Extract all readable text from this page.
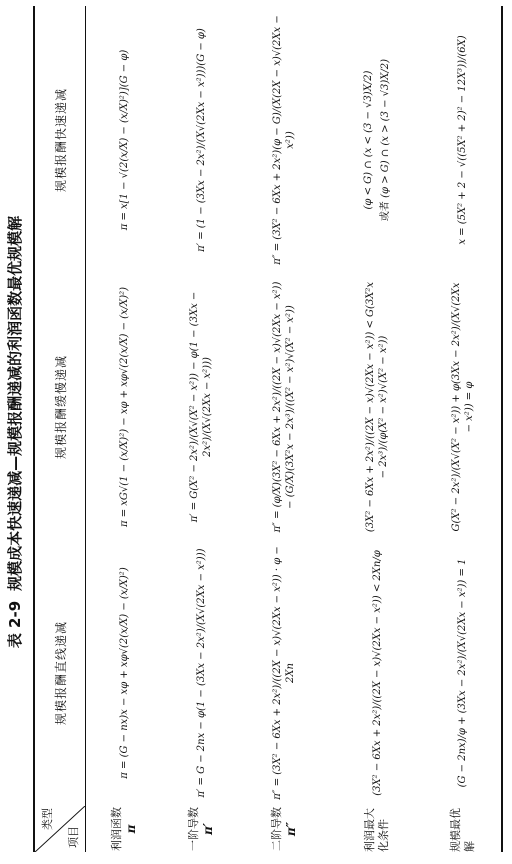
表 2-9
规模成本快速递减—规模报酬递减的利润函数最优规模解
类型
项目
规模报酬直线递减
规模报酬缓慢递减
规模报酬快速递减
利润函数 π
π = (G − nx)x − xφ + xφ√(2(x/X) − (x/X)²)
π = xG√(1 − (x/X)²) − xφ + xφ√(2(x/X) − (x/X)²)
π = x[1 − √(2(x/X) − (x/X)²)](G − φ)
一阶导数 π′
π′ = G − 2nx − φ(1 − (3Xx − 2x²)/(X√(2Xx − x²)))
π′ = G(X² − 2x²)/(X√(X² − x²)) − φ(1 − (3Xx − 2x²)/(X√(2Xx − x²)))
π′ = (1 − (3Xx − 2x²)/(X√(2Xx − x²)))(G − φ)
二阶导数 π″
π″ = (3X² − 6Xx + 2x²)/((2X − x)√(2Xx − x²)) · φ − 2Xn
π″ = (φ/X)(3X² − 6Xx + 2x²)/((2X − x)√(2Xx − x²)) − (G/X)(3X²x − 2x³)/((X² − x²)√(X² − x²))
π″ = (3X² − 6Xx + 2x²)(φ − G)/(X(2X − x)√(2Xx − x²))
利润最大化条件
(3X² − 6Xx + 2x²)/((2X − x)√(2Xx − x²)) < 2Xn/φ
(3X² − 6Xx + 2x²)/((2X − x)√(2Xx − x²)) < G(3X²x − 2x³)/(φ(X² − x²)√(X² − x²))
(φ < G) ∩ (x < (3 − √3)X/2)
或者 (φ > G) ∩ (x > (3 − √3)X/2)
规模最优解
(G − 2nx)/φ + (3Xx − 2x²)/(X√(2Xx − x²)) = 1
G(X² − 2x²)/(X√(X² − x²)) + φ(3Xx − 2x²)/(X√(2Xx − x²)) = φ
x = (5X² + 2 − √((5X² + 2)² − 12X³))/(6X)
